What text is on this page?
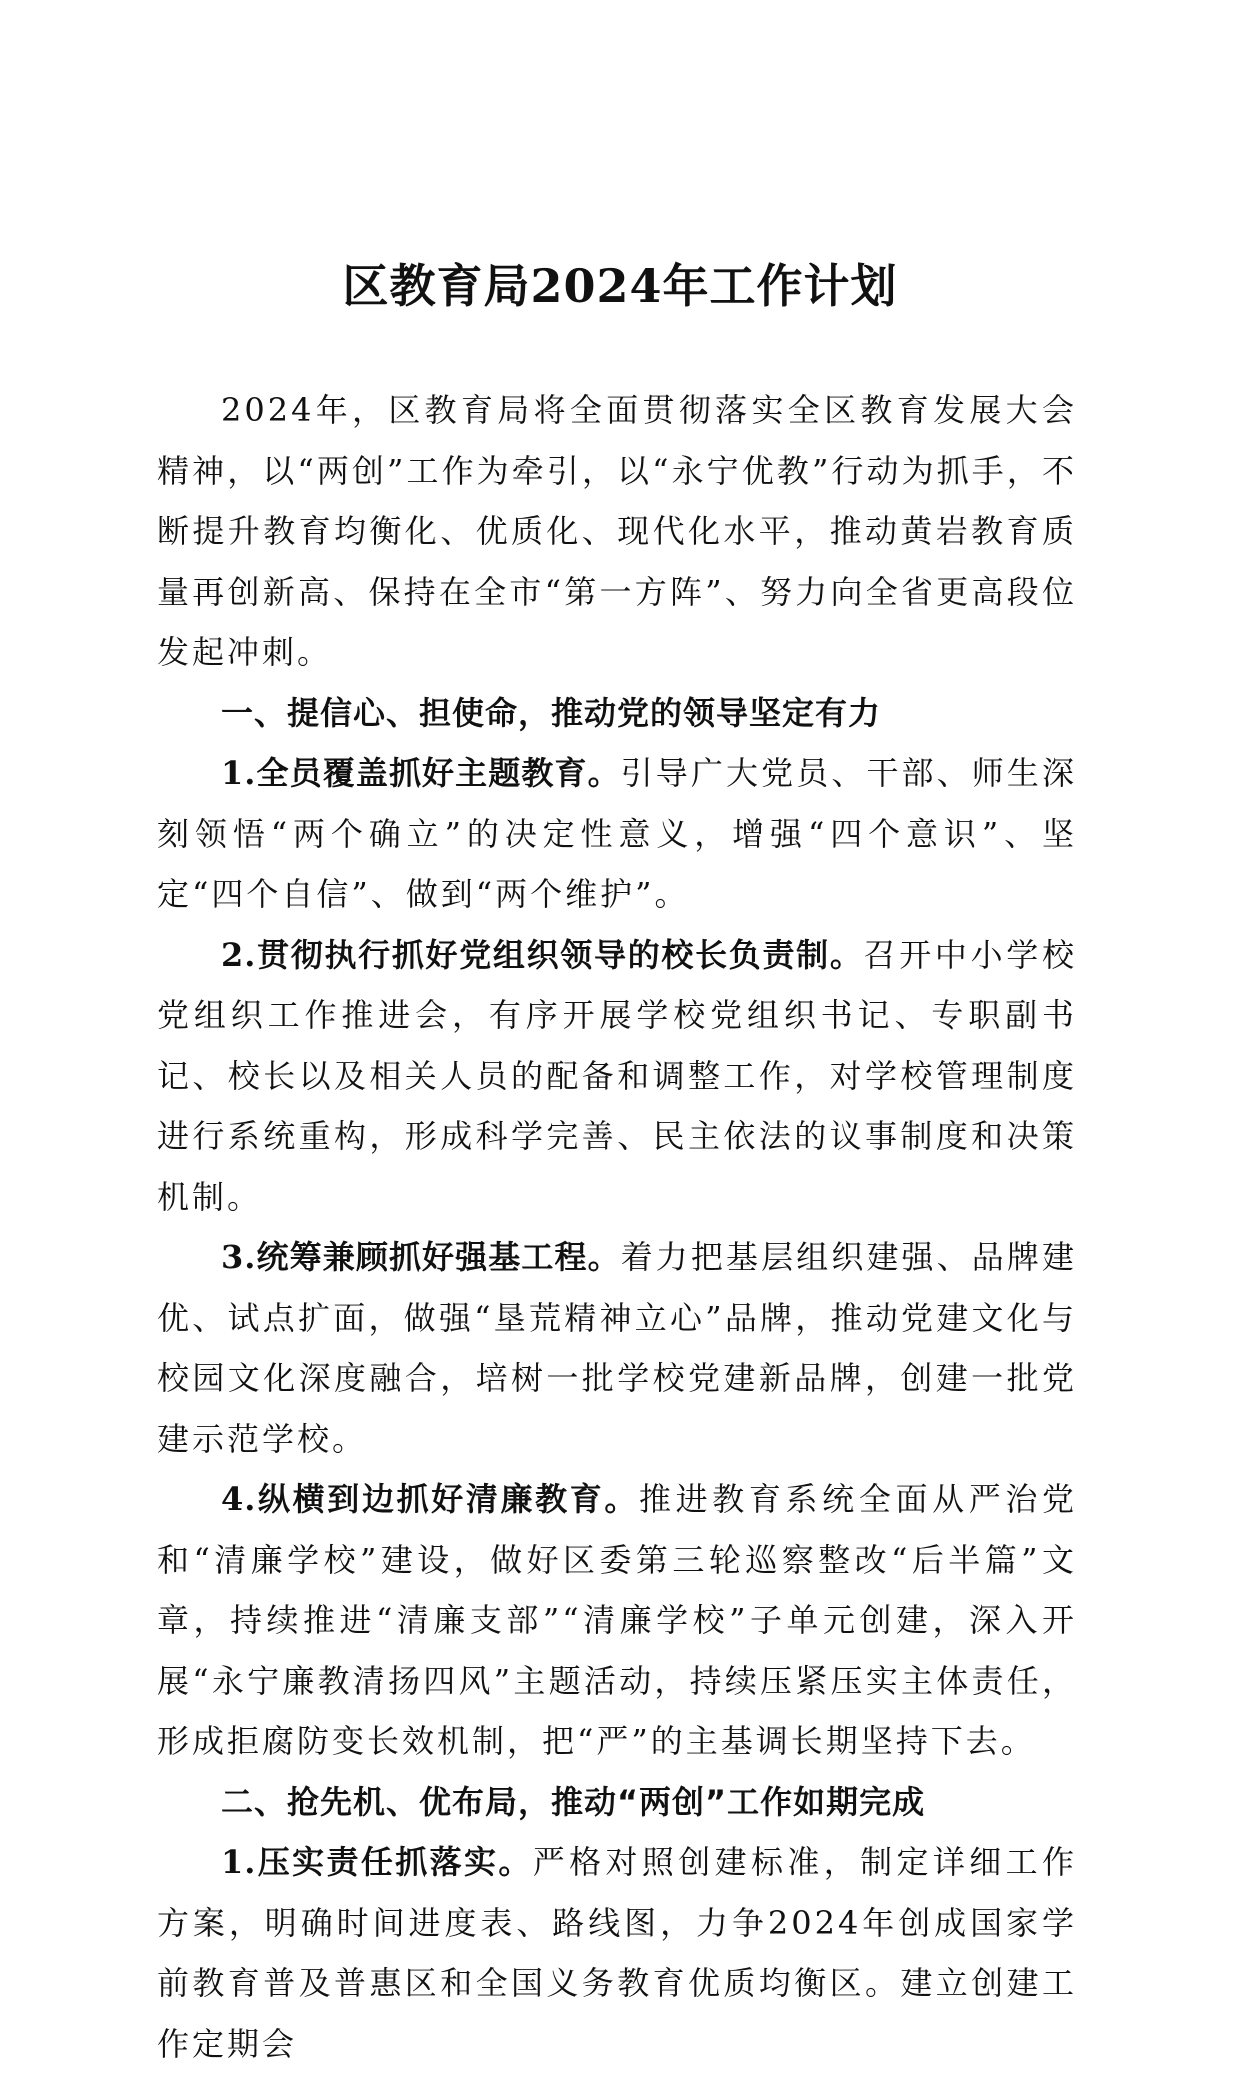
区教育局2024年工作计划

2024年，区教育局将全面贯彻落实全区教育发展大会精神，以“两创”工作为牵引，以“永宁优教”行动为抓手，不断提升教育均衡化、优质化、现代化水平，推动黄岩教育质量再创新高、保持在全市“第一方阵”、努力向全省更高段位发起冲刺。

一、提信心、担使命，推动党的领导坚定有力

1.全员覆盖抓好主题教育。引导广大党员、干部、师生深刻领悟“两个确立”的决定性意义，增强“四个意识”、坚定“四个自信”、做到“两个维护”。

2.贯彻执行抓好党组织领导的校长负责制。召开中小学校党组织工作推进会，有序开展学校党组织书记、专职副书记、校长以及相关人员的配备和调整工作，对学校管理制度进行系统重构，形成科学完善、民主依法的议事制度和决策机制。

3.统筹兼顾抓好强基工程。着力把基层组织建强、品牌建优、试点扩面，做强“垦荒精神立心”品牌，推动党建文化与校园文化深度融合，培树一批学校党建新品牌，创建一批党建示范学校。

4.纵横到边抓好清廉教育。推进教育系统全面从严治党和“清廉学校”建设，做好区委第三轮巡察整改“后半篇”文章，持续推进“清廉支部”“清廉学校”子单元创建，深入开展“永宁廉教清扬四风”主题活动，持续压紧压实主体责任，形成拒腐防变长效机制，把“严”的主基调长期坚持下去。

二、抢先机、优布局，推动“两创”工作如期完成

1.压实责任抓落实。严格对照创建标准，制定详细工作方案，明确时间进度表、路线图，力争2024年创成国家学前教育普及普惠区和全国义务教育优质均衡区。建立创建工作定期会
